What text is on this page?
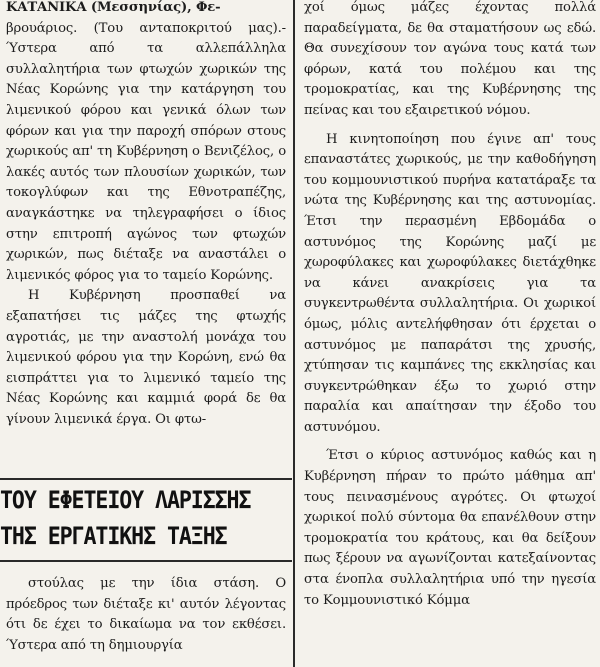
ΚΑΤΑΝΙΚΑ (Μεσσηνίας), Φε-

βρουάριος. (Του ανταποκριτού μας).- Ύστερα από τα αλλεπάλληλα συλλαλητήρια των φτωχών χωρικών της Νέας Κορώνης για την κατάργηση του λιμενικού φόρου και γενικά όλων των φόρων και για την παροχή σπόρων στους χωρικούς απ' τη Κυβέρνηση ο Βενιζέλος, ο λακές αυτός των πλουσίων χωρικών, των τοκογλύφων και της Εθνοτραπέζης, αναγκάστηκε να τηλεγραφήσει ο ίδιος στην επιτροπή αγώνος των φτωχών χωρικών, πως διέταξε να αναστάλει ο λιμενικός φόρος για το ταμείο Κορώνης.

Η Κυβέρνηση προσπαθεί να εξαπατήσει τις μάζες της φτωχής αγροτιάς, με την αναστολή μονάχα του λιμενικού φόρου για την Κορώνη, ενώ θα εισπράττει για το λιμενικό ταμείο της Νέας Κορώνης και καμμιά φορά δε θα γίνουν λιμενικά έργα. Οι φτω-

ΤΟΥ ΕΦΕΤΕΙΟΥ ΛΑΡΙΣΣΗΣ
ΤΗΣ ΕΡΓΑΤΙΚΗΣ ΤΑΞΗΣ

στούλας με την ίδια στάση. Ο πρόεδρος των διέταξε κι' αυτόν λέγοντας ότι δε έχει το δικαίωμα να τον εκθέσει. Ύστερα από τη δημιουργία

χοί όμως μάζες έχοντας πολλά παραδείγματα, δε θα σταματήσουν ως εδώ. Θα συνεχίσουν τον αγώνα τους κατά των φόρων, κατά του πολέμου και της τρομοκρατίας, και της Κυβέρνησης της πείνας και του εξαιρετικού νόμου.

Η κινητοποίηση που έγινε απ' τους επαναστάτες χωρικούς, με την καθοδήγηση του κομμουνιστικού πυρήνα κατατάραξε τα νώτα της Κυβέρνησης και της αστυνομίας. Έτσι την περασμένη Εβδομάδα ο αστυνόμος της Κορώνης μαζί με χωροφύλακες και χωροφύλακες διετάχθηκε να κάνει ανακρίσεις για τα συγκεντρωθέντα συλλαλητήρια. Οι χωρικοί όμως, μόλις αντελήφθησαν ότι έρχεται ο αστυνόμος με παπαράτσι της χρυσής, χτύπησαν τις καμπάνες της εκκλησίας και συγκεντρώθηκαν έξω το χωριό στην παραλία και απαίτησαν την έξοδο του αστυνόμου.

Έτσι ο κύριος αστυνόμος καθώς και η Κυβέρνηση πήραν το πρώτο μάθημα απ' τους πεινασμένους αγρότες. Οι φτωχοί χωρικοί πολύ σύντομα θα επανέλθουν στην τρομοκρατία του κράτους, και θα δείξουν πως ξέρουν να αγωνίζονται κατεξαίνοντας στα ένοπλα συλλαλητήρια υπό την ηγεσία το Κομμουνιστικό Κόμμα
